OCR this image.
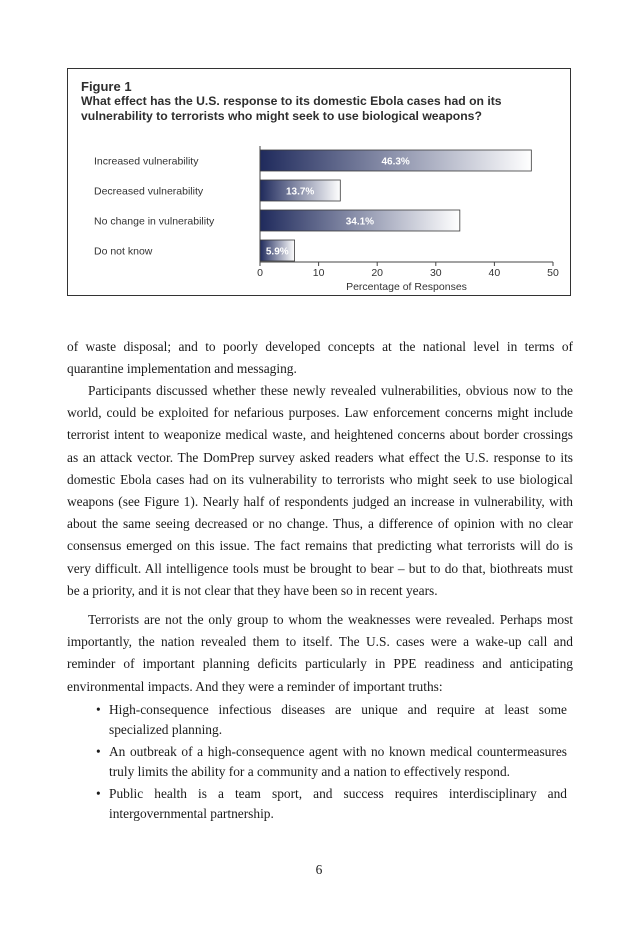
Figure 1
What effect has the U.S. response to its domestic Ebola cases had on its vulnerability to terrorists who might seek to use biological weapons?
Increased vulnerability	46.3%
Decreased vulnerability	13.7%
No change in vulnerability	34.1%
Do not know	5.9%
0	10	20	30	40	50
Percentage of Responses

of waste disposal; and to poorly developed concepts at the national level in terms of quarantine implementation and messaging.

Participants discussed whether these newly revealed vulnerabilities, obvious now to the world, could be exploited for nefarious purposes. Law enforcement concerns might include terrorist intent to weaponize medical waste, and heightened concerns about border crossings as an attack vector. The DomPrep survey asked readers what effect the U.S. response to its domestic Ebola cases had on its vulnerability to terrorists who might seek to use biological weapons (see Figure 1). Nearly half of respondents judged an increase in vulnerability, with about the same seeing decreased or no change. Thus, a difference of opinion with no clear consensus emerged on this issue. The fact remains that predicting what terrorists will do is very difficult. All intelligence tools must be brought to bear – but to do that, biothreats must be a priority, and it is not clear that they have been so in recent years.

Terrorists are not the only group to whom the weaknesses were revealed. Perhaps most importantly, the nation revealed them to itself. The U.S. cases were a wake-up call and reminder of important planning deficits particularly in PPE readiness and anticipating environmental impacts. And they were a reminder of important truths:

• High-consequence infectious diseases are unique and require at least some specialized planning.
• An outbreak of a high-consequence agent with no known medical countermeasures truly limits the ability for a community and a nation to effectively respond.
• Public health is a team sport, and success requires interdisciplinary and intergovernmental partnership.
6
